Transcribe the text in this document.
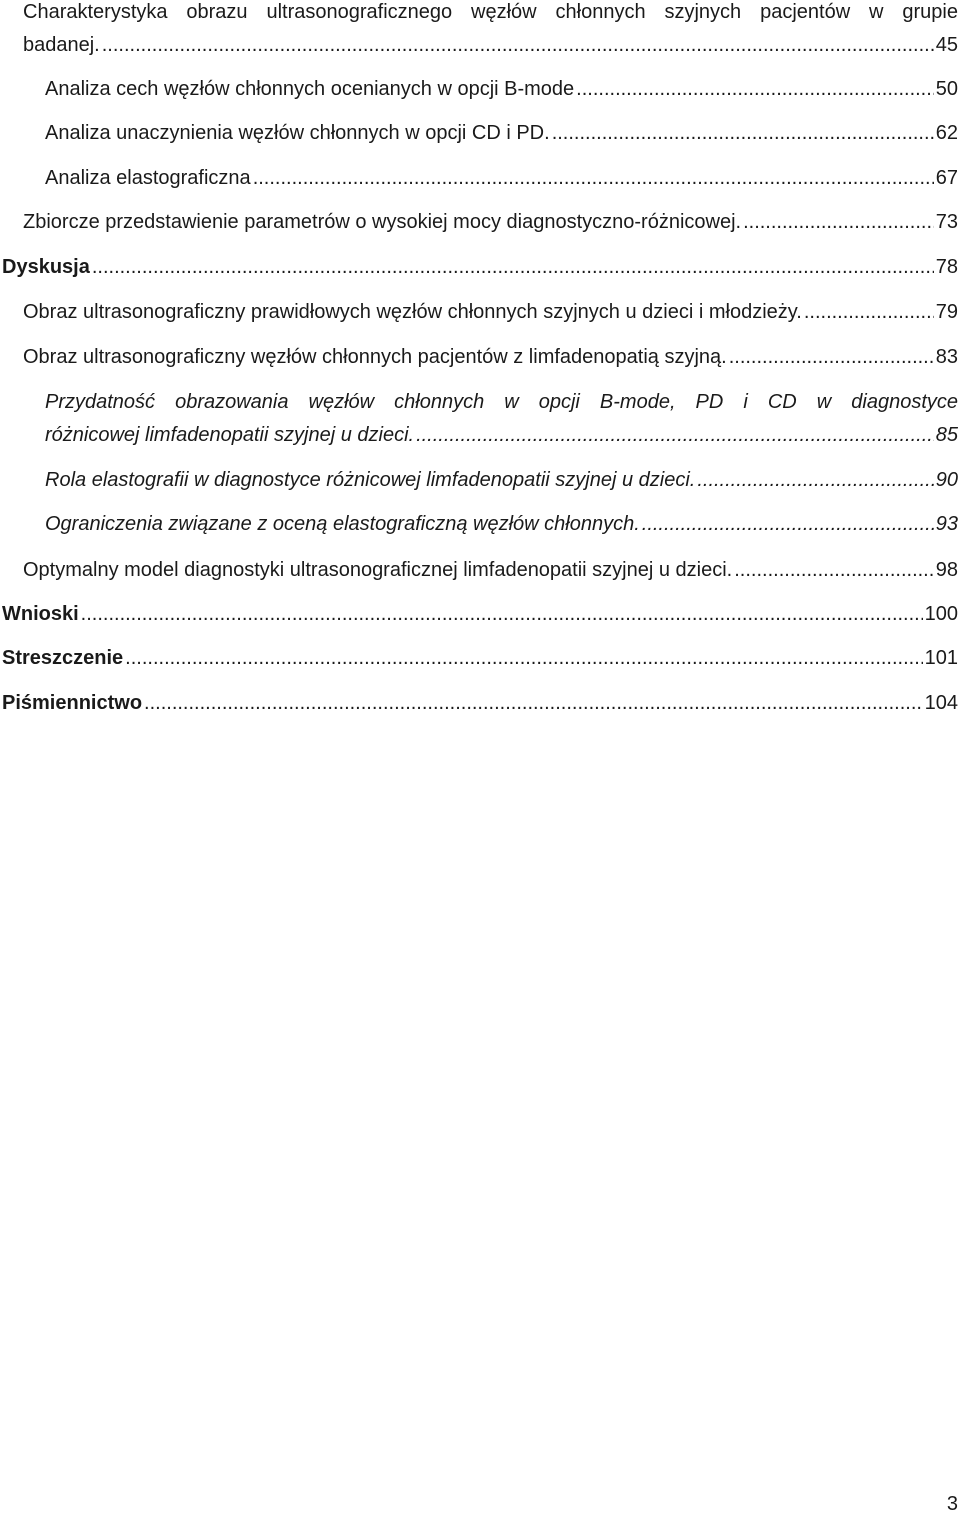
Charakterystyka obrazu ultrasonograficznego węzłów chłonnych szyjnych pacjentów w grupie
badanej. .....	45
Analiza cech węzłów chłonnych ocenianych w opcji B-mode .....	50
Analiza unaczynienia węzłów chłonnych w opcji CD i PD. .....	62
Analiza elastograficzna .....	67
Zbiorcze przedstawienie parametrów o wysokiej mocy diagnostyczno-różnicowej. .....	73
Dyskusja .....	78
Obraz ultrasonograficzny prawidłowych węzłów chłonnych szyjnych u dzieci i młodzieży. .....	79
Obraz ultrasonograficzny węzłów chłonnych pacjentów z limfadenopatią szyjną. .....	83
Przydatność obrazowania węzłów chłonnych w opcji B-mode, PD i CD w diagnostyce
różnicowej limfadenopatii szyjnej u dzieci. .....	85
Rola elastografii w diagnostyce różnicowej limfadenopatii szyjnej u dzieci. .....	90
Ograniczenia związane z oceną elastograficzną węzłów chłonnych. .....	93
Optymalny model diagnostyki ultrasonograficznej limfadenopatii szyjnej u dzieci. .....	98
Wnioski .....	100
Streszczenie .....	101
Piśmiennictwo .....	104
3
